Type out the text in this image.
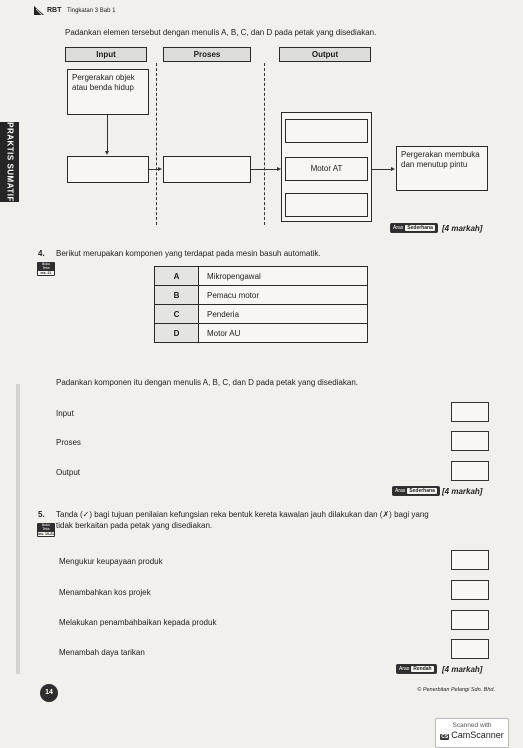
RBT Tingkatan 3 Bab 1
PRAKTIS SUMATIF
Padankan elemen tersebut dengan menulis A, B, C, dan D pada petak yang disediakan.
Input	Proses	Output
Pergerakan objek atau benda hidup
Motor AT
Pergerakan membuka dan menutup pintu
Aras Sederhana	[4 markah]
4. Berikut merupakan komponen yang terdapat pada mesin basuh automatik.
Buku
Teks
ms. 21	A	Mikropengawal
B	Pemacu motor
C	Penderia
D	Motor AU
Padankan komponen itu dengan menulis A, B, C, dan D pada petak yang disediakan.
Input
Proses
Output
Aras Sederhana [4 markah]
5. Tanda (✓) bagi tujuan penilaian kefungsian reka bentuk kereta kawalan jauh dilakukan dan (✗) bagi yang
tidak berkaitan pada petak yang disediakan.
Buku
Teks
ms. 19-21
Mengukur keupayaan produk
Menambahkan kos projek
Melakukan penambahbaikan kepada produk
Menambah daya tarikan
Aras Rendah	[4 markah]
14	© Penerbitan Pelangi Sdn. Bhd.
Scanned with
CS CamScanner
